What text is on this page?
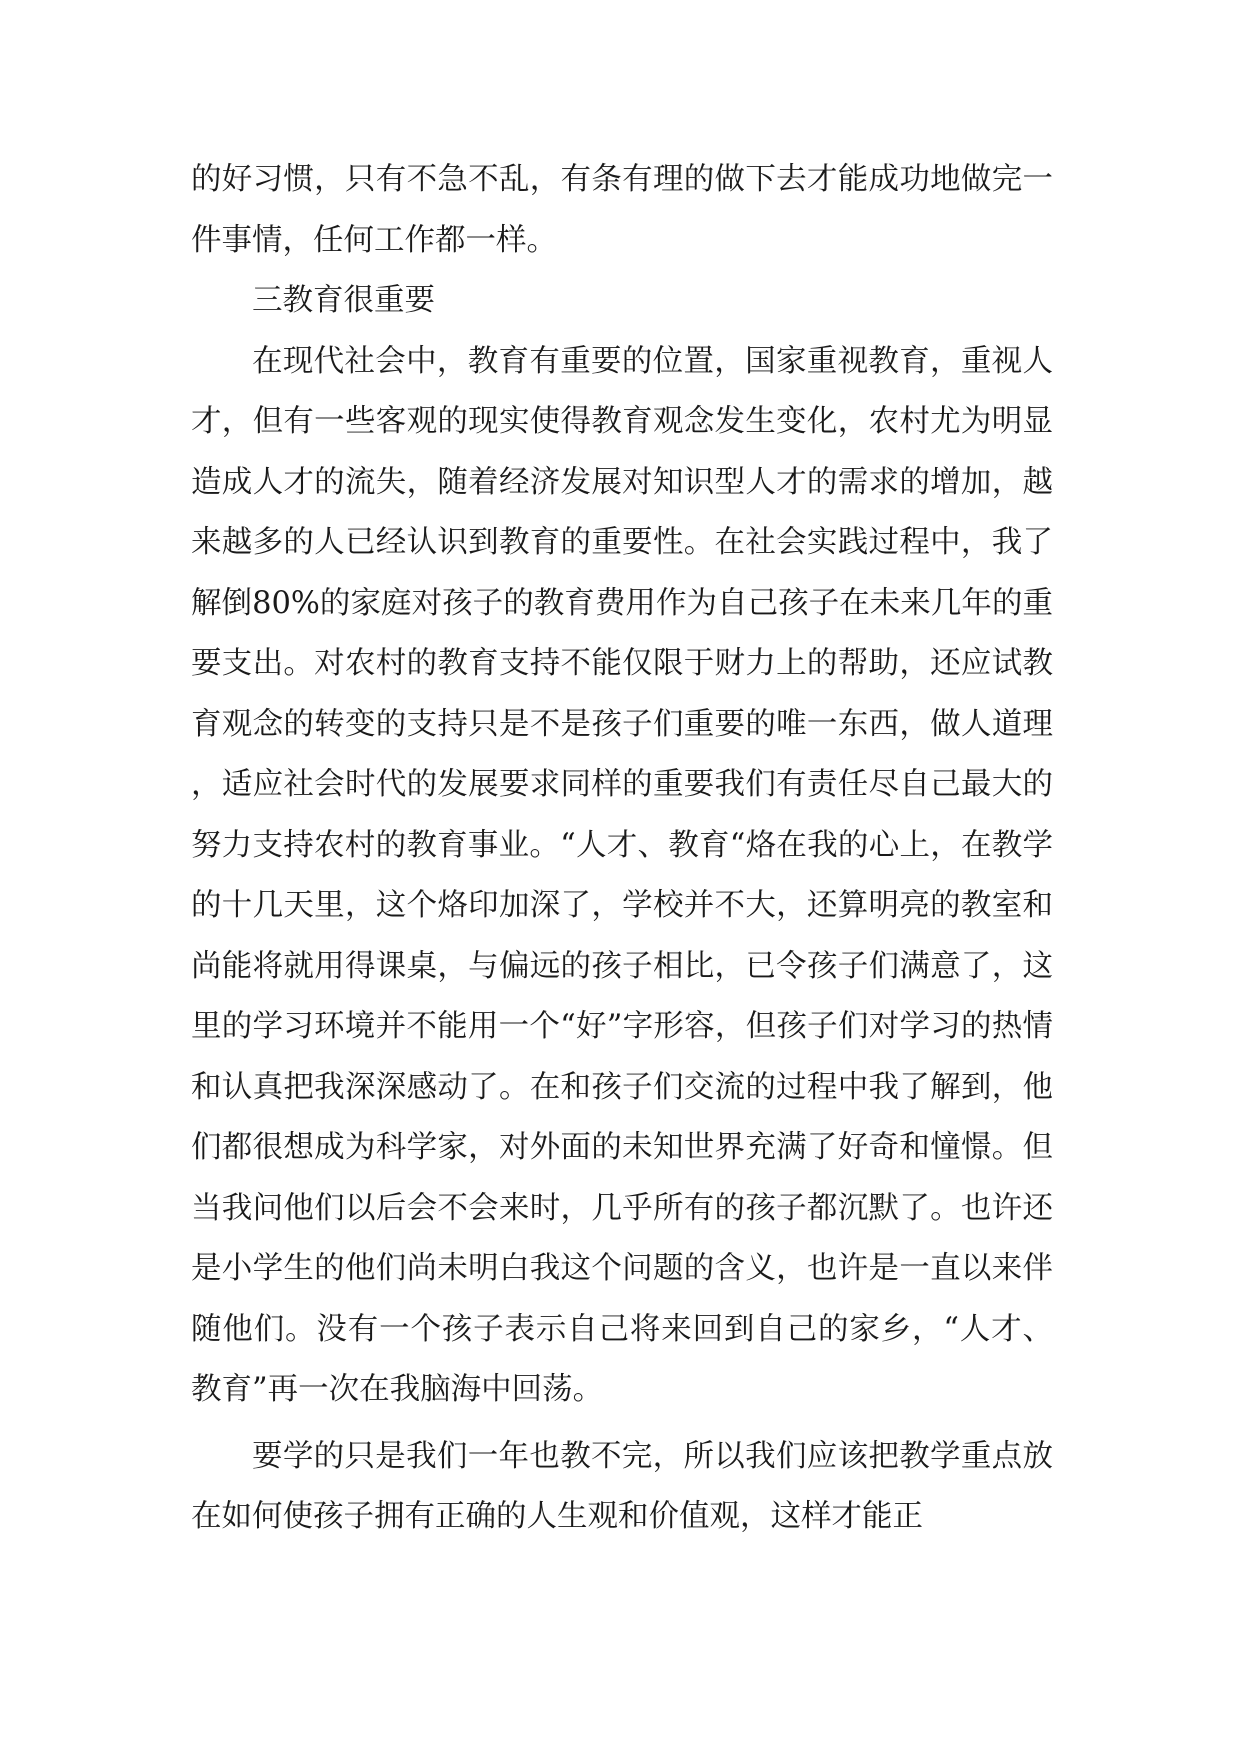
的好习惯，只有不急不乱，有条有理的做下去才能成功地做完一件事情，任何工作都一样。

三教育很重要

在现代社会中，教育有重要的位置，国家重视教育，重视人才，但有一些客观的现实使得教育观念发生变化，农村尤为明显造成人才的流失，随着经济发展对知识型人才的需求的增加，越来越多的人已经认识到教育的重要性。在社会实践过程中，我了解倒80%的家庭对孩子的教育费用作为自己孩子在未来几年的重要支出。对农村的教育支持不能仅限于财力上的帮助，还应试教育观念的转变的支持只是不是孩子们重要的唯一东西，做人道理，适应社会时代的发展要求同样的重要我们有责任尽自己最大的努力支持农村的教育事业。“人才、教育“烙在我的心上，在教学的十几天里，这个烙印加深了，学校并不大，还算明亮的教室和尚能将就用得课桌，与偏远的孩子相比，已令孩子们满意了，这里的学习环境并不能用一个“好”字形容，但孩子们对学习的热情和认真把我深深感动了。在和孩子们交流的过程中我了解到，他们都很想成为科学家，对外面的未知世界充满了好奇和憧憬。但当我问他们以后会不会来时，几乎所有的孩子都沉默了。也许还是小学生的他们尚未明白我这个问题的含义，也许是一直以来伴随他们。没有一个孩子表示自己将来回到自己的家乡，“人才、教育”再一次在我脑海中回荡。

要学的只是我们一年也教不完，所以我们应该把教学重点放在如何使孩子拥有正确的人生观和价值观，这样才能正
